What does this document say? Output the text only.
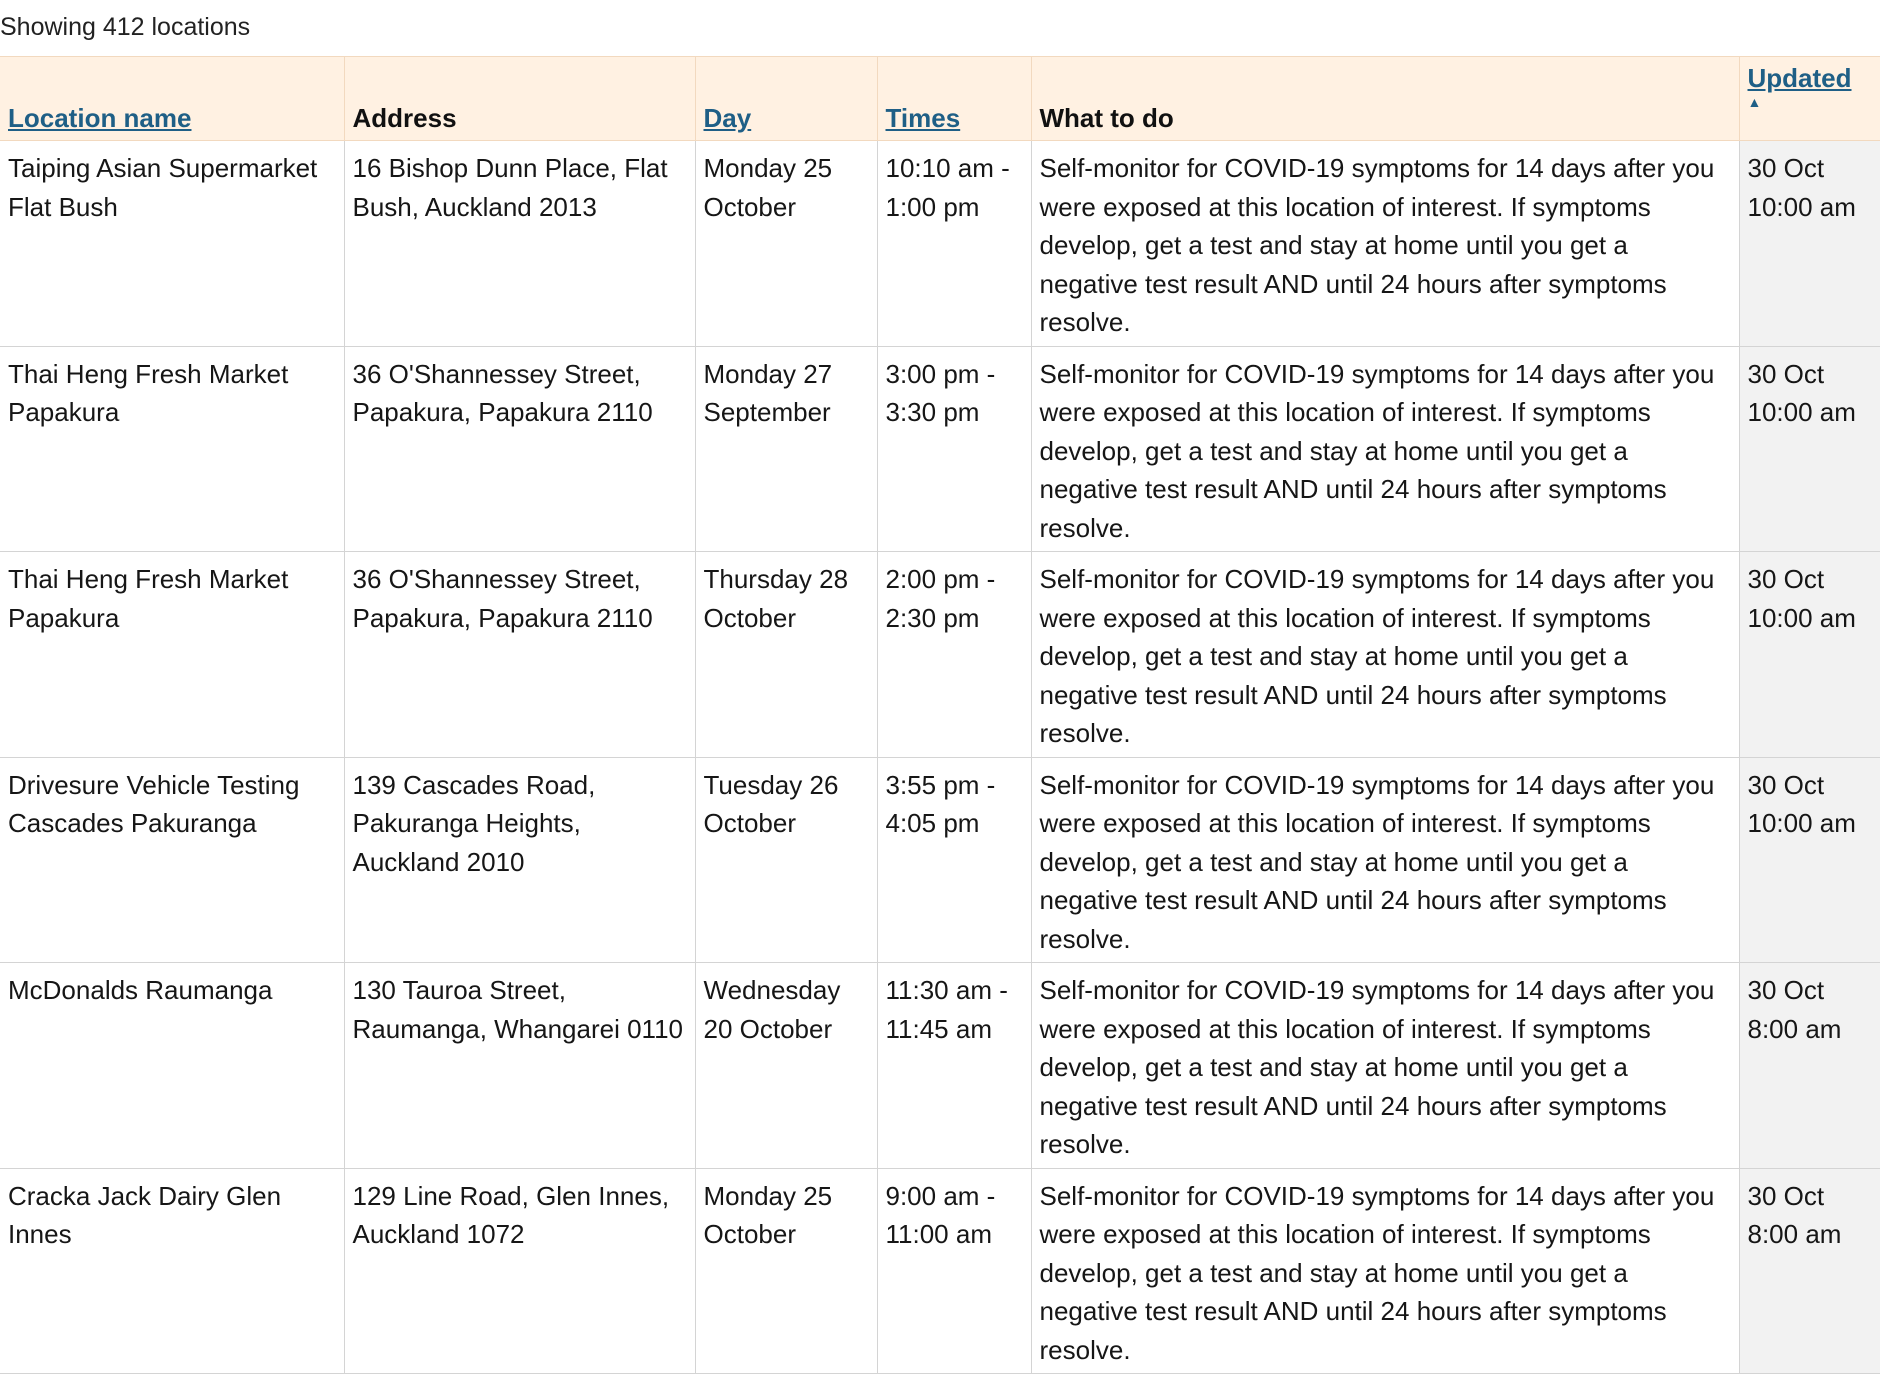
Showing 412 locations
Location name	Address	Day	Times	What to do	Updated
▲

Taiping Asian Supermarket Flat Bush	16 Bishop Dunn Place, Flat Bush, Auckland 2013	Monday 25 October	10:10 am - 1:00 pm	Self-monitor for COVID-19 symptoms for 14 days after you were exposed at this location of interest. If symptoms develop, get a test and stay at home until you get a negative test result AND until 24 hours after symptoms resolve.	30 Oct 10:00 am
Thai Heng Fresh Market Papakura	36 O'Shannessey Street, Papakura, Papakura 2110	Monday 27 September	3:00 pm - 3:30 pm	Self-monitor for COVID-19 symptoms for 14 days after you were exposed at this location of interest. If symptoms develop, get a test and stay at home until you get a negative test result AND until 24 hours after symptoms resolve.	30 Oct 10:00 am
Thai Heng Fresh Market Papakura	36 O'Shannessey Street, Papakura, Papakura 2110	Thursday 28 October	2:00 pm - 2:30 pm	Self-monitor for COVID-19 symptoms for 14 days after you were exposed at this location of interest. If symptoms develop, get a test and stay at home until you get a negative test result AND until 24 hours after symptoms resolve.	30 Oct 10:00 am
Drivesure Vehicle Testing Cascades Pakuranga	139 Cascades Road, Pakuranga Heights, Auckland 2010	Tuesday 26 October	3:55 pm - 4:05 pm	Self-monitor for COVID-19 symptoms for 14 days after you were exposed at this location of interest. If symptoms develop, get a test and stay at home until you get a negative test result AND until 24 hours after symptoms resolve.	30 Oct 10:00 am
McDonalds Raumanga	130 Tauroa Street, Raumanga, Whangarei 0110	Wednesday 20 October	11:30 am - 11:45 am	Self-monitor for COVID-19 symptoms for 14 days after you were exposed at this location of interest. If symptoms develop, get a test and stay at home until you get a negative test result AND until 24 hours after symptoms resolve.	30 Oct 8:00 am
Cracka Jack Dairy Glen Innes	129 Line Road, Glen Innes, Auckland 1072	Monday 25 October	9:00 am - 11:00 am	Self-monitor for COVID-19 symptoms for 14 days after you were exposed at this location of interest. If symptoms develop, get a test and stay at home until you get a negative test result AND until 24 hours after symptoms resolve.	30 Oct 8:00 am
